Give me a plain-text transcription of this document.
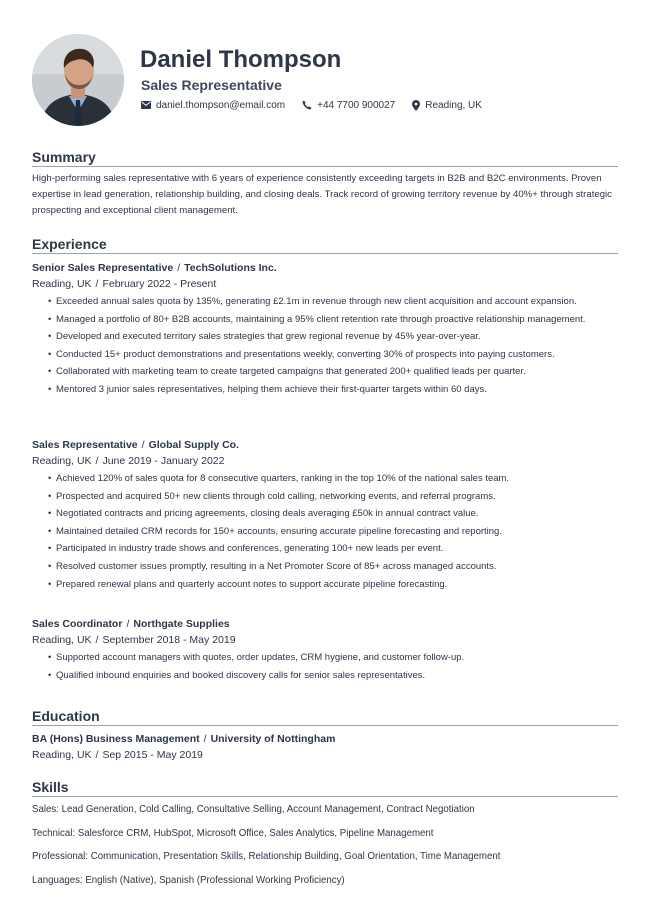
Daniel Thompson
Sales Representative
daniel.thompson@email.com	+44 7700 900027	Reading, UK
Summary

High-performing sales representative with 6 years of experience consistently exceeding targets in B2B and B2C environments. Proven expertise in lead generation, relationship building, and closing deals. Track record of growing territory revenue by 40%+ through strategic prospecting and exceptional client management.

Experience
Senior Sales Representative / TechSolutions Inc.
Reading, UK / February 2022 - Present
• Exceeded annual sales quota by 135%, generating £2.1m in revenue through new client acquisition and account expansion.
• Managed a portfolio of 80+ B2B accounts, maintaining a 95% client retention rate through proactive relationship management.
• Developed and executed territory sales strategies that grew regional revenue by 45% year-over-year.
• Conducted 15+ product demonstrations and presentations weekly, converting 30% of prospects into paying customers.
• Collaborated with marketing team to create targeted campaigns that generated 200+ qualified leads per quarter.
• Mentored 3 junior sales representatives, helping them achieve their first-quarter targets within 60 days.
Sales Representative / Global Supply Co.
Reading, UK / June 2019 - January 2022
• Achieved 120% of sales quota for 8 consecutive quarters, ranking in the top 10% of the national sales team.
• Prospected and acquired 50+ new clients through cold calling, networking events, and referral programs.
• Negotiated contracts and pricing agreements, closing deals averaging £50k in annual contract value.
• Maintained detailed CRM records for 150+ accounts, ensuring accurate pipeline forecasting and reporting.
• Participated in industry trade shows and conferences, generating 100+ new leads per event.
• Resolved customer issues promptly, resulting in a Net Promoter Score of 85+ across managed accounts.
• Prepared renewal plans and quarterly account notes to support accurate pipeline forecasting.
Sales Coordinator / Northgate Supplies
Reading, UK / September 2018 - May 2019
• Supported account managers with quotes, order updates, CRM hygiene, and customer follow-up.
• Qualified inbound enquiries and booked discovery calls for senior sales representatives.
Education
BA (Hons) Business Management / University of Nottingham
Reading, UK / Sep 2015 - May 2019
Skills
Sales: Lead Generation, Cold Calling, Consultative Selling, Account Management, Contract Negotiation
Technical: Salesforce CRM, HubSpot, Microsoft Office, Sales Analytics, Pipeline Management
Professional: Communication, Presentation Skills, Relationship Building, Goal Orientation, Time Management
Languages: English (Native), Spanish (Professional Working Proficiency)
